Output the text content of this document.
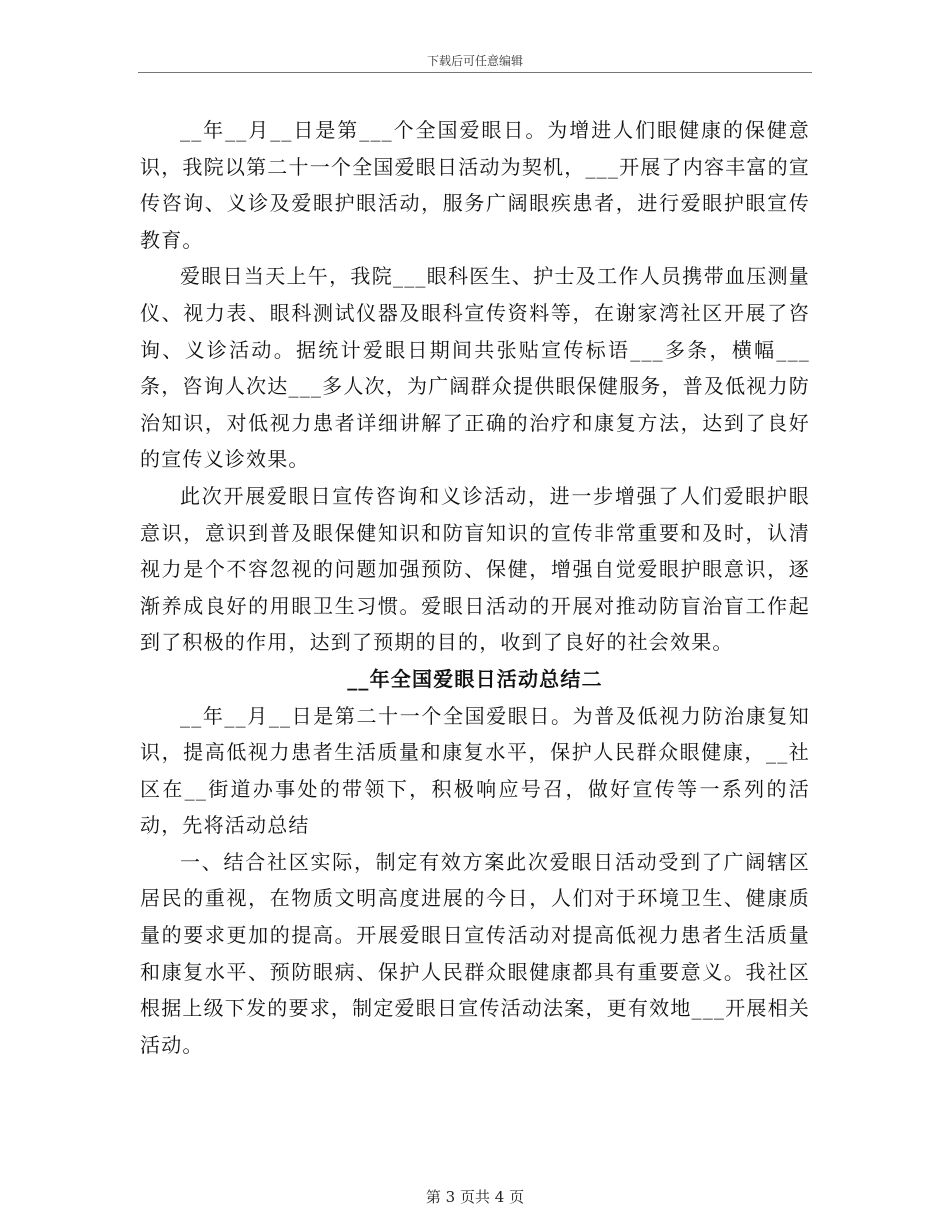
下载后可任意编辑

__年__月__日是第___个全国爱眼日。为增进人们眼健康的保健意识，我院以第二十一个全国爱眼日活动为契机，___开展了内容丰富的宣传咨询、义诊及爱眼护眼活动，服务广阔眼疾患者，进行爱眼护眼宣传教育。

爱眼日当天上午，我院___眼科医生、护士及工作人员携带血压测量仪、视力表、眼科测试仪器及眼科宣传资料等，在谢家湾社区开展了咨询、义诊活动。据统计爱眼日期间共张贴宣传标语___多条，横幅___条，咨询人次达___多人次，为广阔群众提供眼保健服务，普及低视力防治知识，对低视力患者详细讲解了正确的治疗和康复方法，达到了良好的宣传义诊效果。

此次开展爱眼日宣传咨询和义诊活动，进一步增强了人们爱眼护眼意识，意识到普及眼保健知识和防盲知识的宣传非常重要和及时，认清视力是个不容忽视的问题加强预防、保健，增强自觉爱眼护眼意识，逐渐养成良好的用眼卫生习惯。爱眼日活动的开展对推动防盲治盲工作起到了积极的作用，达到了预期的目的，收到了良好的社会效果。

__年全国爱眼日活动总结二

__年__月__日是第二十一个全国爱眼日。为普及低视力防治康复知识，提高低视力患者生活质量和康复水平，保护人民群众眼健康，__社区在__街道办事处的带领下，积极响应号召，做好宣传等一系列的活动，先将活动总结

一、结合社区实际，制定有效方案此次爱眼日活动受到了广阔辖区居民的重视，在物质文明高度进展的今日，人们对于环境卫生、健康质量的要求更加的提高。开展爱眼日宣传活动对提高低视力患者生活质量和康复水平、预防眼病、保护人民群众眼健康都具有重要意义。我社区根据上级下发的要求，制定爱眼日宣传活动法案，更有效地___开展相关活动。

第 3 页共 4 页
